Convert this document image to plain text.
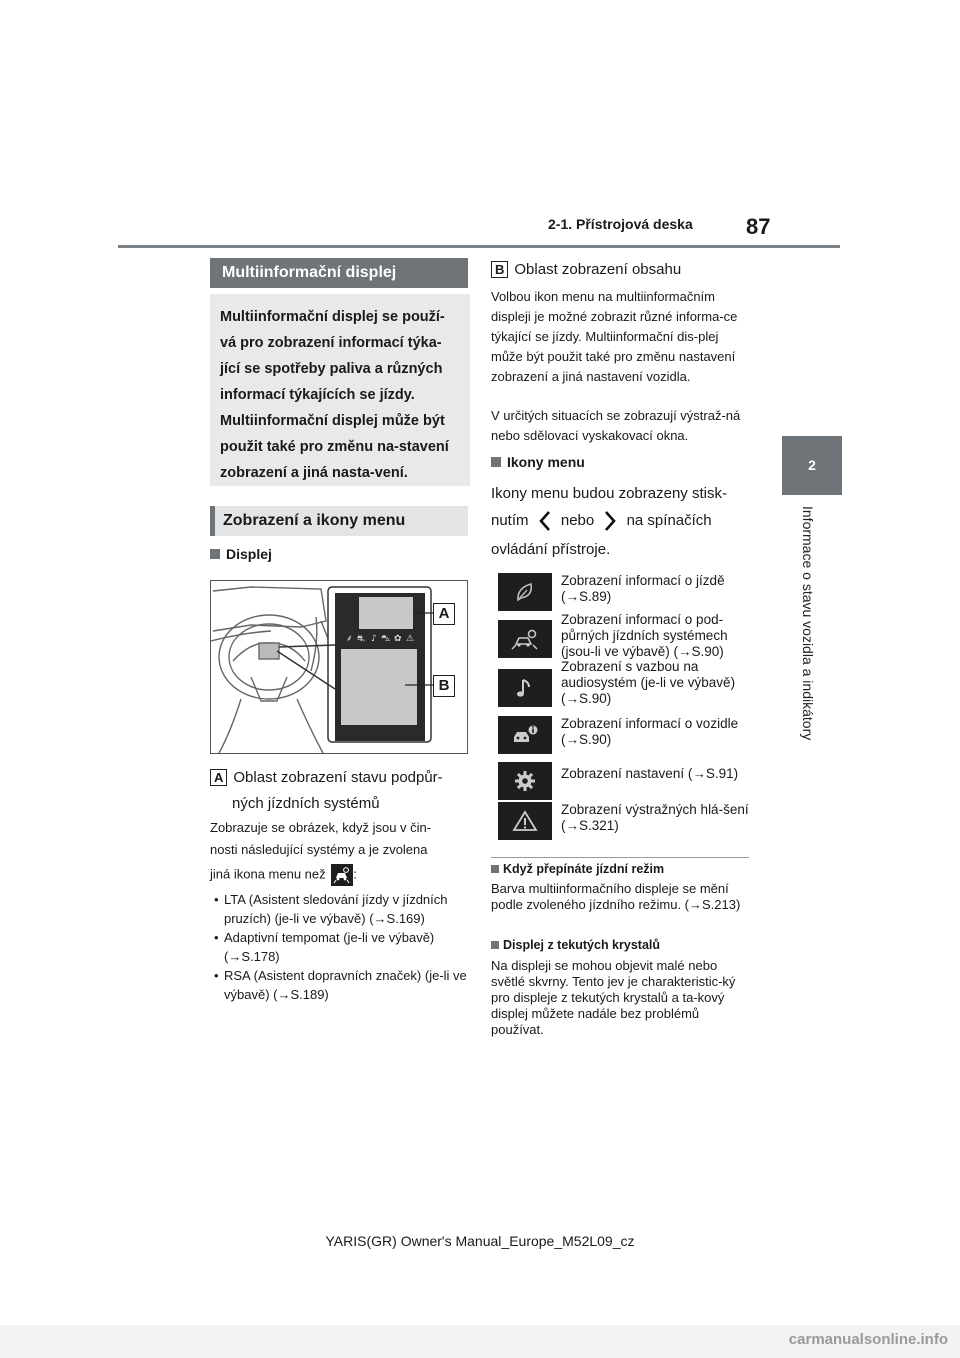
2-1. Přístrojová deska 87
2
Informace o stavu vozidla a indikátory
Multiinformační displej
Multiinformační displej se použí-vá pro zobrazení informací týka-jící se spotřeby paliva a různých informací týkajících se jízdy. Multiinformační displej může být použit také pro změnu na-stavení zobrazení a jiná nasta-vení.
Zobrazení a ikony menu
Displej
⸙ ⛐ ♪ ⛍ ✿ ⚠
A
B
A Oblast zobrazení stavu podpůr-
ných jízdních systémů
Zobrazuje se obrázek, když jsou v čin-
nosti následující systémy a je zvolena
jiná ikona menu než :
• LTA (Asistent sledování jízdy v jízdních pruzích) (je-li ve výbavě) (→S.169)
• Adaptivní tempomat (je-li ve výbavě) (→S.178)
• RSA (Asistent dopravních značek) (je-li ve výbavě) (→S.189)
B Oblast zobrazení obsahu
Volbou ikon menu na multiinformačním displeji je možné zobrazit různé informa-ce týkající se jízdy. Multiinformační dis-plej může být použit také pro změnu nastavení zobrazení a jiná nastavení vozidla.
V určitých situacích se zobrazují výstraž-ná nebo sdělovací vyskakovací okna.
Ikony menu
Ikony menu budou zobrazeny stisk-
nutím nebo na spínačích
ovládání přístroje.
Zobrazení informací o jízdě (→S.89)
Zobrazení informací o pod-půrných jízdních systémech (jsou-li ve výbavě) (→S.90)
Zobrazení s vazbou na audiosystém (je-li ve výbavě) (→S.90)
Zobrazení informací o vozidle (→S.90)
Zobrazení nastavení (→S.91)
Zobrazení výstražných hlá-šení (→S.321)
Když přepínáte jízdní režim
Barva multiinformačního displeje se mění podle zvoleného jízdního režimu. (→S.213)
Displej z tekutých krystalů
Na displeji se mohou objevit malé nebo světlé skvrny. Tento jev je charakteristic-ký pro displeje z tekutých krystalů a ta-kový displej můžete nadále bez problémů používat.
YARIS(GR) Owner's Manual_Europe_M52L09_cz
carmanualsonline.info
